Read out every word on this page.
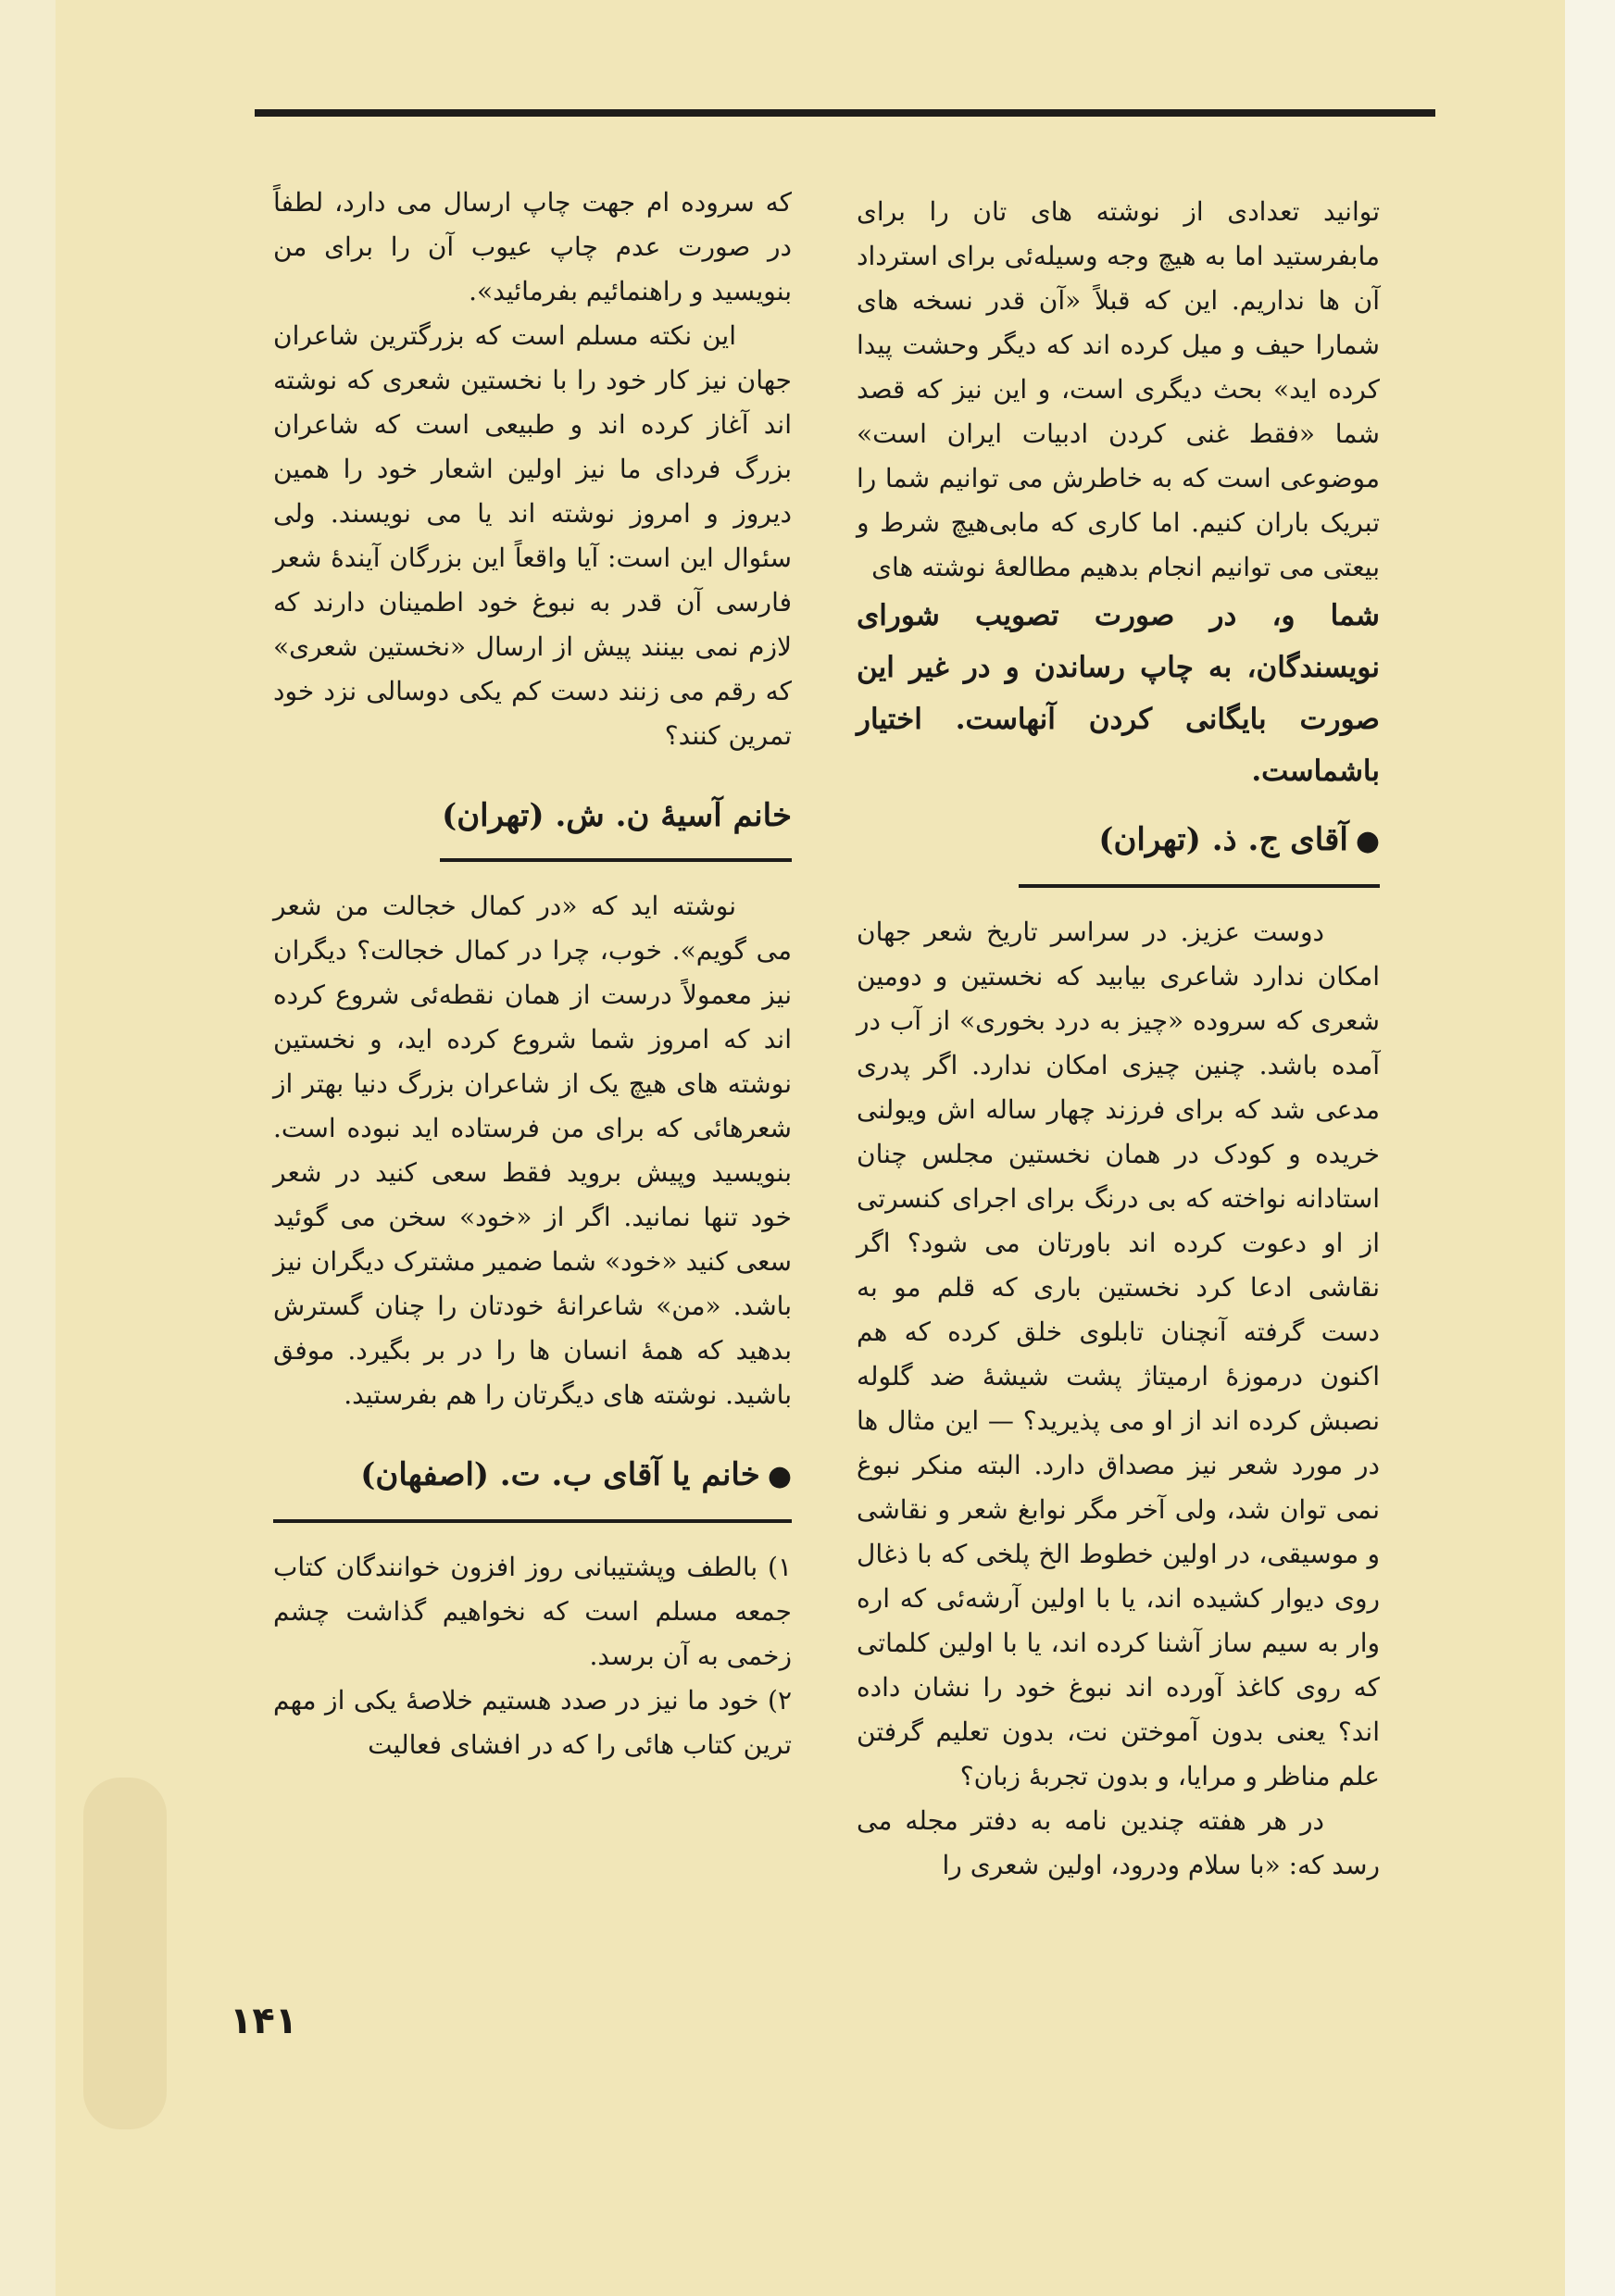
توانید تعدادی از نوشته های تان را برای مابفرستید اما به هیچ وجه وسیله‌ئی برای استرداد آن ها نداریم. این که قبلاً «آن قدر نسخه های شمارا حیف و میل کرده اند که دیگر وحشت پیدا کرده اید» بحث دیگری است، و این نیز که قصد شما «فقط غنی کردن ادبیات ایران است» موضوعی است که به خاطرش می توانیم شما را تبریک باران کنیم. اما کاری که مابی‌هیچ شرط و بیعتی می توانیم انجام بدهیم مطالعهٔ نوشته های

شما و، در صورت تصویب شورای نویسندگان، به چاپ رساندن و در غیر این صورت بایگانی کردن آنهاست. اختیار باشماست.

●آقای ج. ذ. (تهران)

دوست عزیز. در سراسر تاریخ شعر جهان امکان ندارد شاعری بیابید که نخستین و دومین شعری که سروده «چیز به درد بخوری» از آب در آمده باشد. چنین چیزی امکان ندارد. اگر پدری مدعی شد که برای فرزند چهار ساله اش ویولنی خریده و کودک در همان نخستین مجلس چنان استادانه نواخته که بی درنگ برای اجرای کنسرتی از او دعوت کرده اند باورتان می شود؟ اگر نقاشی ادعا کرد نخستین باری که قلم مو به دست گرفته آنچنان تابلوی خلق کرده که هم اکنون درموزهٔ ارمیتاژ پشت شیشهٔ ضد گلوله نصبش کرده اند از او می پذیرید؟ — این مثال ها در مورد شعر نیز مصداق دارد. البته منکر نبوغ نمی توان شد، ولی آخر مگر نوابغ شعر و نقاشی و موسیقی، در اولین خطوط الخ پلخی که با ذغال روی دیوار کشیده اند، یا با اولین آرشه‌ئی که اره وار به سیم ساز آشنا کرده اند، یا با اولین کلماتی که روی کاغذ آورده اند نبوغ خود را نشان داده اند؟ یعنی بدون آموختن نت، بدون تعلیم گرفتن علم مناظر و مرایا، و بدون تجربهٔ زبان؟

در هر هفته چندین نامه به دفتر مجله می رسد که: «با سلام ودرود، اولین شعری را

که سروده ام جهت چاپ ارسال می دارد، لطفاً در صورت عدم چاپ عیوب آن را برای من بنویسید و راهنمائیم بفرمائید».

این نکته مسلم است که بزرگترین شاعران جهان نیز کار خود را با نخستین شعری که نوشته اند آغاز کرده اند و طبیعی است که شاعران بزرگ فردای ما نیز اولین اشعار خود را همین دیروز و امروز نوشته اند یا می نویسند. ولی سئوال این است: آیا واقعاً این بزرگان آیندهٔ شعر فارسی آن قدر به نبوغ خود اطمینان دارند که لازم نمی بینند پیش از ارسال «نخستین شعری» که رقم می زنند دست کم یکی دوسالی نزد خود تمرین کنند؟

خانم آسیهٔ ن. ش. (تهران)

نوشته اید که «در کمال خجالت من شعر می گویم». خوب، چرا در کمال خجالت؟ دیگران نیز معمولاً درست از همان نقطه‌ئی شروع کرده اند که امروز شما شروع کرده اید، و نخستین نوشته های هیچ یک از شاعران بزرگ دنیا بهتر از شعرهائی که برای من فرستاده اید نبوده است. بنویسید وپیش بروید فقط سعی کنید در شعر خود تنها نمانید. اگر از «خود» سخن می گوئید سعی کنید «خود» شما ضمیر مشترک دیگران نیز باشد. «من» شاعرانهٔ خودتان را چنان گسترش بدهید که همهٔ انسان ها را در بر بگیرد. موفق باشید. نوشته های دیگرتان را هم بفرستید.

●خانم یا آقای ب. ت. (اصفهان)

۱) بالطف وپشتیبانی روز افزون خوانندگان کتاب جمعه مسلم است که نخواهیم گذاشت چشم زخمی به آن برسد.

۲) خود ما نیز در صدد هستیم خلاصهٔ یکی از مهم ترین کتاب هائی را که در افشای فعالیت

۱۴۱
